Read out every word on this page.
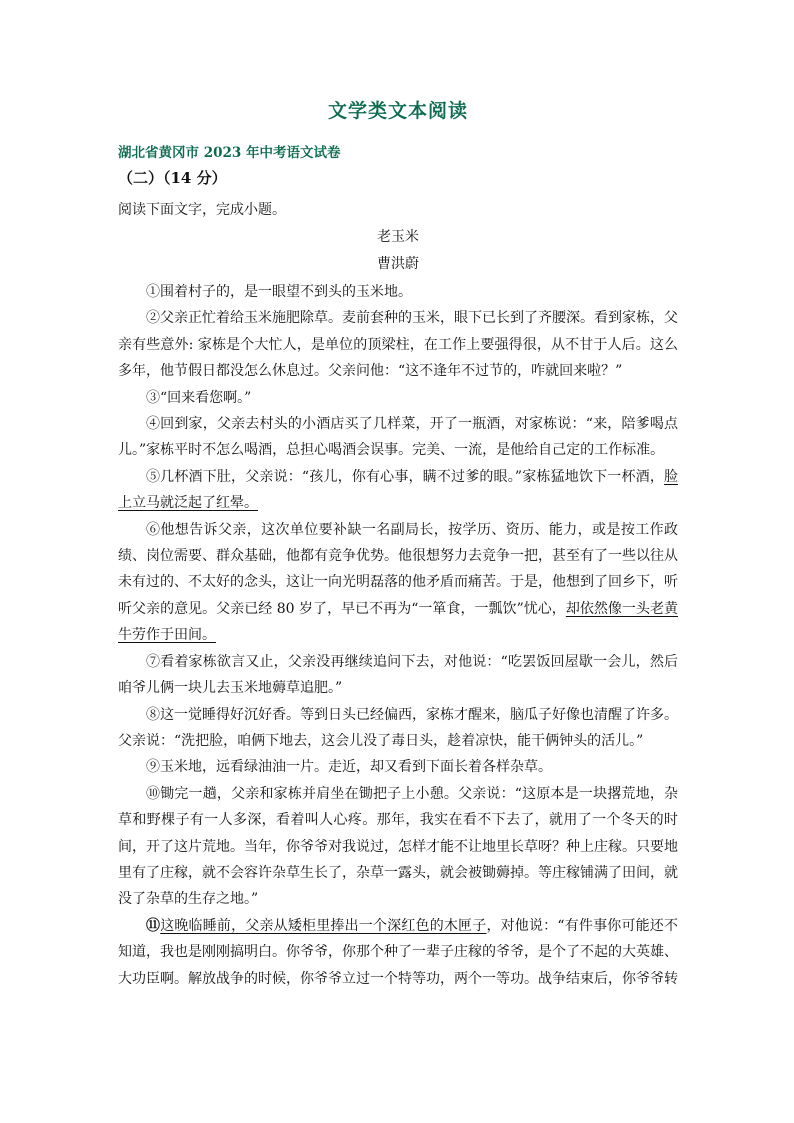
文学类文本阅读

湖北省黄冈市 2023 年中考语文试卷

（二）（14 分）

阅读下面文字，完成小题。

老玉米

曹洪蔚

①围着村子的，是一眼望不到头的玉米地。

②父亲正忙着给玉米施肥除草。麦前套种的玉米，眼下已长到了齐腰深。看到家栋，父亲有些意外: 家栋是个大忙人，是单位的顶梁柱，在工作上要强得很，从不甘于人后。这么多年，他节假日都没怎么休息过。父亲问他：“这不逢年不过节的，咋就回来啦？”

③“回来看您啊。”

④回到家，父亲去村头的小酒店买了几样菜，开了一瓶酒，对家栋说：“来，陪爹喝点儿。”家栋平时不怎么喝酒，总担心喝酒会误事。完美、一流，是他给自己定的工作标准。

⑤几杯酒下肚，父亲说：“孩儿，你有心事，瞒不过爹的眼。”家栋猛地饮下一杯酒，脸上立马就泛起了红晕。

⑥他想告诉父亲，这次单位要补缺一名副局长，按学历、资历、能力，或是按工作政绩、岗位需要、群众基础，他都有竞争优势。他很想努力去竞争一把，甚至有了一些以往从未有过的、不太好的念头，这让一向光明磊落的他矛盾而痛苦。于是，他想到了回乡下，听听父亲的意见。父亲已经 80 岁了，早已不再为“一箪食，一瓢饮”忧心，却依然像一头老黄牛劳作于田间。

⑦看着家栋欲言又止，父亲没再继续追问下去，对他说：“吃罢饭回屋歇一会儿，然后咱爷儿俩一块儿去玉米地薅草追肥。”

⑧这一觉睡得好沉好香。等到日头已经偏西，家栋才醒来，脑瓜子好像也清醒了许多。父亲说：“洗把脸，咱俩下地去，这会儿没了毒日头，趁着凉快，能干俩钟头的活儿。”

⑨玉米地，远看绿油油一片。走近，却又看到下面长着各样杂草。

⑩锄完一趟，父亲和家栋并肩坐在锄把子上小憩。父亲说：“这原本是一块撂荒地，杂草和野棵子有一人多深，看着叫人心疼。那年，我实在看不下去了，就用了一个冬天的时间，开了这片荒地。当年，你爷爷对我说过，怎样才能不让地里长草呀？种上庄稼。只要地里有了庄稼，就不会容许杂草生长了，杂草一露头，就会被锄薅掉。等庄稼铺满了田间，就没了杂草的生存之地。”

⑪这晚临睡前，父亲从矮柜里捧出一个深红色的木匣子，对他说：“有件事你可能还不知道，我也是刚刚搞明白。你爷爷，你那个种了一辈子庄稼的爷爷，是个了不起的大英雄、大功臣啊。解放战争的时候，你爷爷立过一个特等功，两个一等功。战争结束后，你爷爷转
